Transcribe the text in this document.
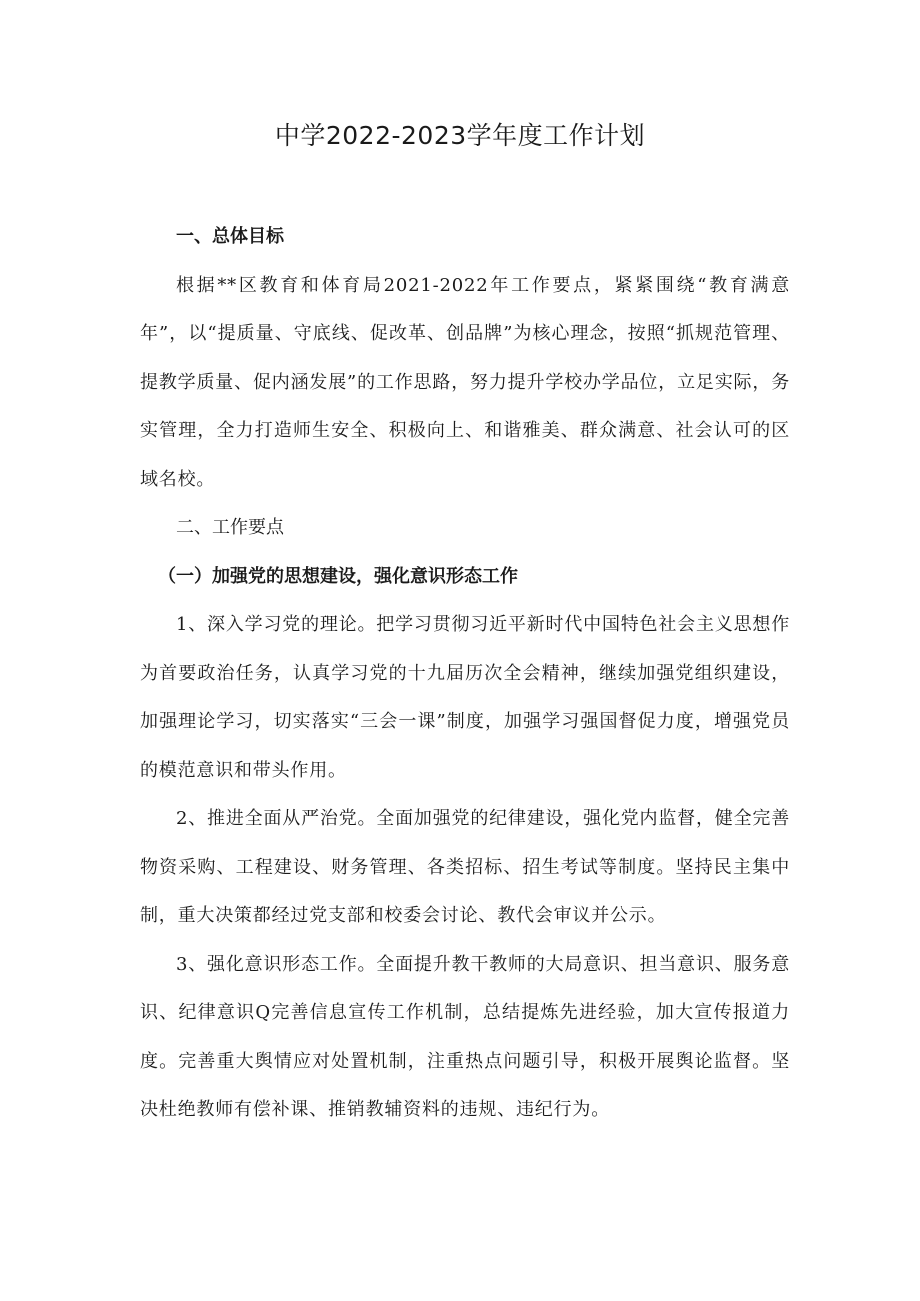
中学2022-2023学年度工作计划

一、总体目标

根据**区教育和体育局2021-2022年工作要点，紧紧围绕“教育满意年”，以“提质量、守底线、促改革、创品牌”为核心理念，按照“抓规范管理、提教学质量、促内涵发展”的工作思路，努力提升学校办学品位，立足实际，务实管理，全力打造师生安全、积极向上、和谐雅美、群众满意、社会认可的区域名校。

二、工作要点

（一）加强党的思想建设，强化意识形态工作

1、深入学习党的理论。把学习贯彻习近平新时代中国特色社会主义思想作为首要政治任务，认真学习党的十九届历次全会精神，继续加强党组织建设，加强理论学习，切实落实“三会一课”制度，加强学习强国督促力度，增强党员的模范意识和带头作用。

2、推进全面从严治党。全面加强党的纪律建设，强化党内监督，健全完善物资采购、工程建设、财务管理、各类招标、招生考试等制度。坚持民主集中制，重大决策都经过党支部和校委会讨论、教代会审议并公示。

3、强化意识形态工作。全面提升教干教师的大局意识、担当意识、服务意识、纪律意识Q完善信息宣传工作机制，总结提炼先进经验，加大宣传报道力度。完善重大舆情应对处置机制，注重热点问题引导，积极开展舆论监督。坚决杜绝教师有偿补课、推销教辅资料的违规、违纪行为。
